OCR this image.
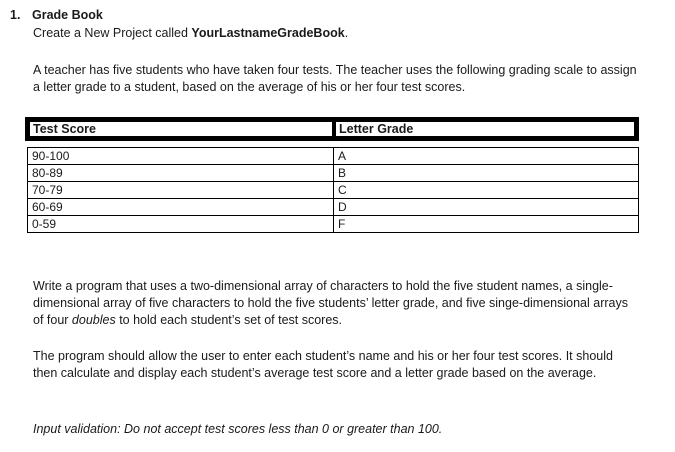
1. Grade Book
Create a New Project called YourLastnameGradeBook.
A teacher has five students who have taken four tests. The teacher uses the following grading scale to assign a letter grade to a student, based on the average of his or her four test scores.
Test Score	Letter Grade
90-100	A
80-89	B
70-79	C
60-69	D
0-59	F
Write a program that uses a two-dimensional array of characters to hold the five student names, a single-dimensional array of five characters to hold the five students’ letter grade, and five singe-dimensional arrays of four doubles to hold each student’s set of test scores.
The program should allow the user to enter each student’s name and his or her four test scores. It should then calculate and display each student’s average test score and a letter grade based on the average.
Input validation: Do not accept test scores less than 0 or greater than 100.
